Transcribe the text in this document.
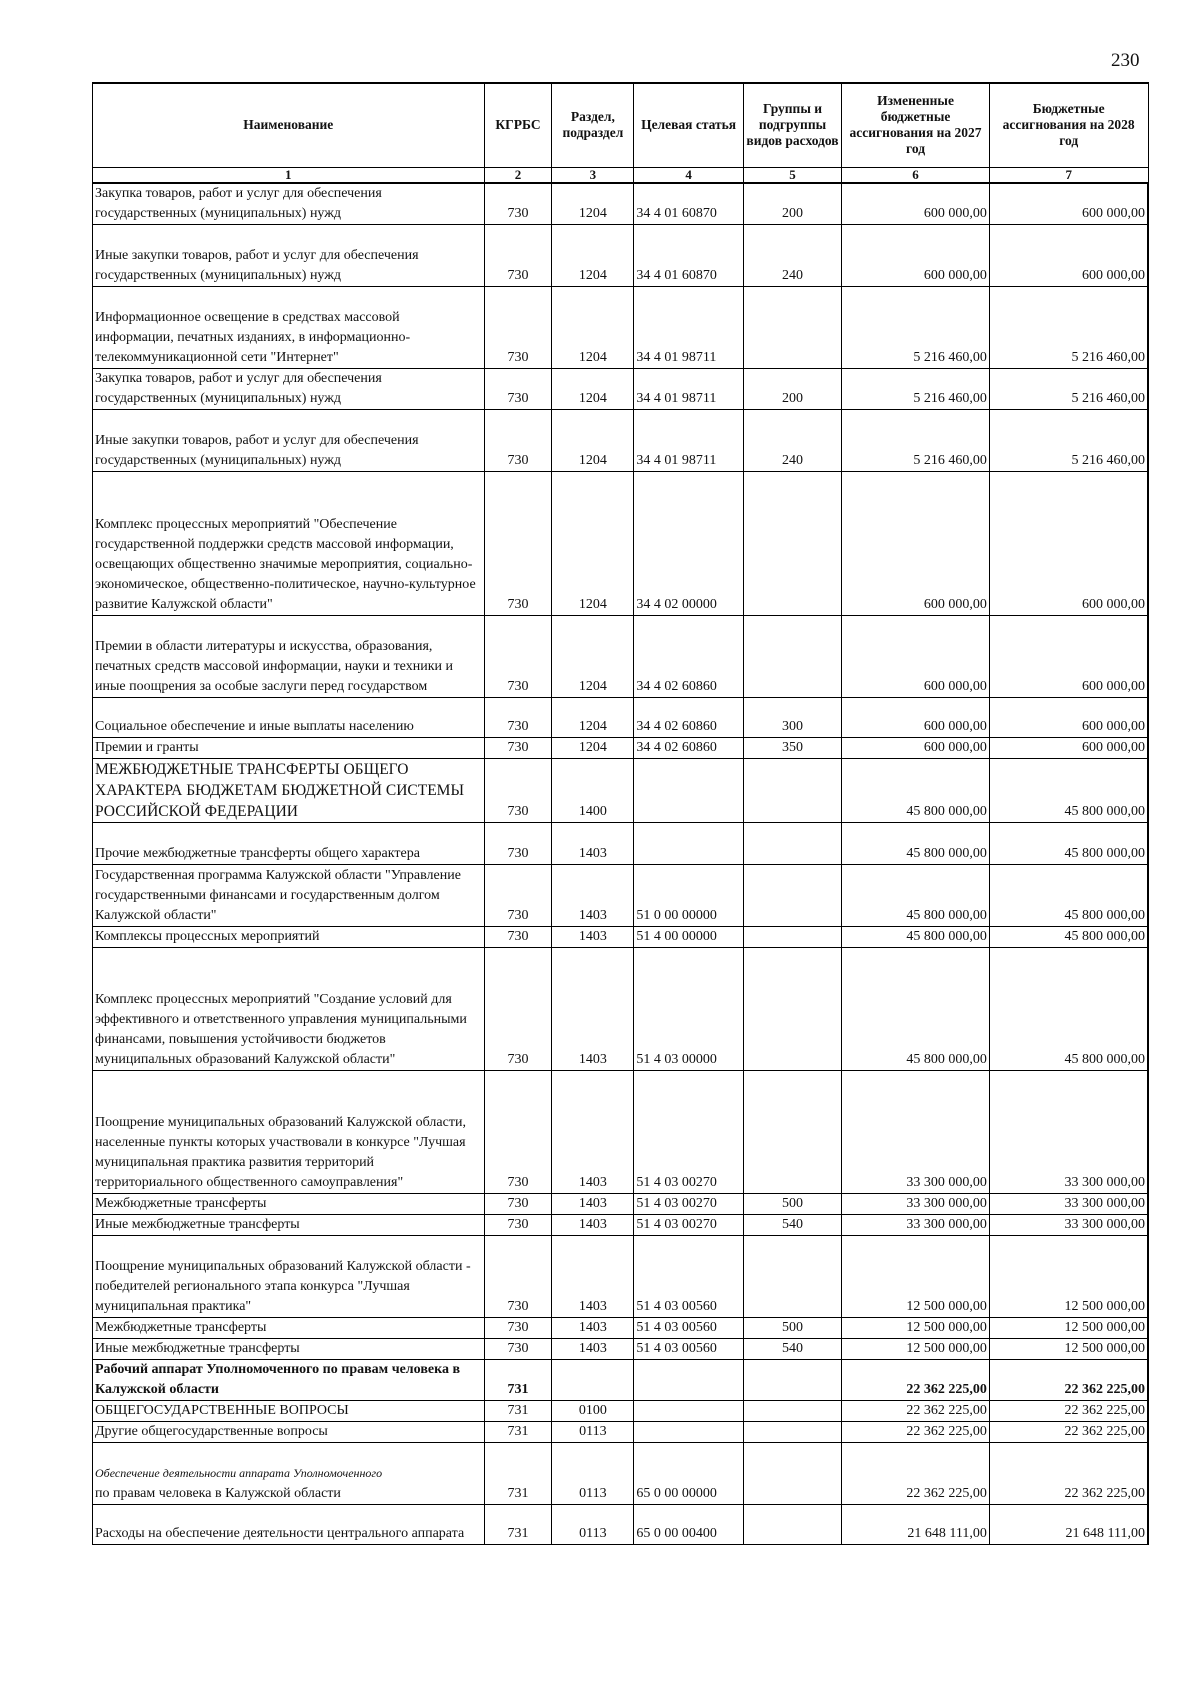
230
Наименование	КГРБС	Раздел, подраздел	Целевая статья	Группы и подгруппы видов расходов	Измененные бюджетные ассигнования на 2027 год	Бюджетные ассигнования на 2028 год
1	2	3	4	5	6	7
Закупка товаров, работ и услуг для обеспечения государственных (муниципальных) нужд	730	1204	34 4 01 60870	200	600 000,00	600 000,00
Иные закупки товаров, работ и услуг для обеспечения государственных (муниципальных) нужд	730	1204	34 4 01 60870	240	600 000,00	600 000,00
Информационное освещение в средствах массовой информации, печатных изданиях, в информационно-телекоммуникационной сети "Интернет"	730	1204	34 4 01 98711		5 216 460,00	5 216 460,00
Закупка товаров, работ и услуг для обеспечения государственных (муниципальных) нужд	730	1204	34 4 01 98711	200	5 216 460,00	5 216 460,00
Иные закупки товаров, работ и услуг для обеспечения государственных (муниципальных) нужд	730	1204	34 4 01 98711	240	5 216 460,00	5 216 460,00
Комплекс процессных мероприятий "Обеспечение государственной поддержки средств массовой информации, освещающих общественно значимые мероприятия, социально-экономическое, общественно-политическое, научно-культурное развитие Калужской области"	730	1204	34 4 02 00000		600 000,00	600 000,00
Премии в области литературы и искусства, образования, печатных средств массовой информации, науки и техники и иные поощрения за особые заслуги перед государством	730	1204	34 4 02 60860		600 000,00	600 000,00
Социальное обеспечение и иные выплаты населению	730	1204	34 4 02 60860	300	600 000,00	600 000,00
Премии и гранты	730	1204	34 4 02 60860	350	600 000,00	600 000,00
МЕЖБЮДЖЕТНЫЕ ТРАНСФЕРТЫ ОБЩЕГО ХАРАКТЕРА БЮДЖЕТАМ БЮДЖЕТНОЙ СИСТЕМЫ РОССИЙСКОЙ ФЕДЕРАЦИИ	730	1400			45 800 000,00	45 800 000,00
Прочие межбюджетные трансферты общего характера	730	1403			45 800 000,00	45 800 000,00
Государственная программа Калужской области "Управление государственными финансами и государственным долгом Калужской области"	730	1403	51 0 00 00000		45 800 000,00	45 800 000,00
Комплексы процессных мероприятий	730	1403	51 4 00 00000		45 800 000,00	45 800 000,00
Комплекс процессных мероприятий "Создание условий для эффективного и ответственного управления муниципальными финансами, повышения устойчивости бюджетов муниципальных образований Калужской области"	730	1403	51 4 03 00000		45 800 000,00	45 800 000,00
Поощрение муниципальных образований Калужской области, населенные пункты которых участвовали в конкурсе "Лучшая муниципальная практика развития территорий территориального общественного самоуправления"	730	1403	51 4 03 00270		33 300 000,00	33 300 000,00
Межбюджетные трансферты	730	1403	51 4 03 00270	500	33 300 000,00	33 300 000,00
Иные межбюджетные трансферты	730	1403	51 4 03 00270	540	33 300 000,00	33 300 000,00
Поощрение муниципальных образований Калужской области - победителей регионального этапа конкурса "Лучшая муниципальная практика"	730	1403	51 4 03 00560		12 500 000,00	12 500 000,00
Межбюджетные трансферты	730	1403	51 4 03 00560	500	12 500 000,00	12 500 000,00
Иные межбюджетные трансферты	730	1403	51 4 03 00560	540	12 500 000,00	12 500 000,00
Рабочий аппарат Уполномоченного по правам человека в Калужской области	731				22 362 225,00	22 362 225,00
ОБЩЕГОСУДАРСТВЕННЫЕ ВОПРОСЫ	731	0100			22 362 225,00	22 362 225,00
Другие общегосударственные вопросы	731	0113			22 362 225,00	22 362 225,00
Обеспечение деятельности аппарата Уполномоченного
по правам человека в Калужской области	731	0113	65 0 00 00000		22 362 225,00	22 362 225,00
Расходы на обеспечение деятельности центрального аппарата	731	0113	65 0 00 00400		21 648 111,00	21 648 111,00
